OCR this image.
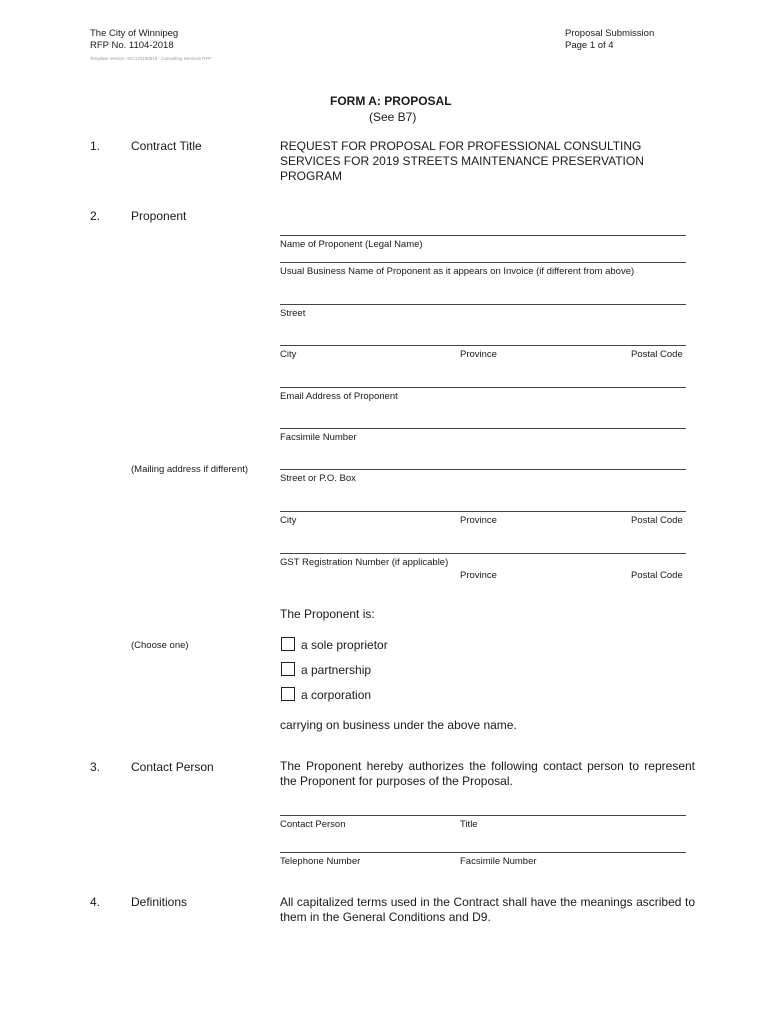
The City of Winnipeg
RFP No. 1104-2018
Template Version: SrC120180815 - Consulting Services RFP
Proposal Submission
Page 1 of 4
FORM A: PROPOSAL
(See B7)
1.	Contract Title	REQUEST FOR PROPOSAL FOR PROFESSIONAL CONSULTING
SERVICES FOR 2019 STREETS MAINTENANCE PRESERVATION
PROGRAM
2.	Proponent
Name of Proponent (Legal Name)
Usual Business Name of Proponent as it appears on Invoice (if different from above)
Street
City	Province	Postal Code
Email Address of Proponent
Facsimile Number
(Mailing address if different)
Street or P.O. Box
City	Province	Postal Code
GST Registration Number (if applicable)
Province	Postal Code
The Proponent is:
(Choose one)	a sole proprietor
a partnership
a corporation
carrying on business under the above name.
3.	Contact Person	The Proponent hereby authorizes the following contact person to represent the Proponent for purposes of the Proposal.
Contact Person	Title
Telephone Number	Facsimile Number
4.	Definitions	All capitalized terms used in the Contract shall have the meanings ascribed to them in the General Conditions and D9.
